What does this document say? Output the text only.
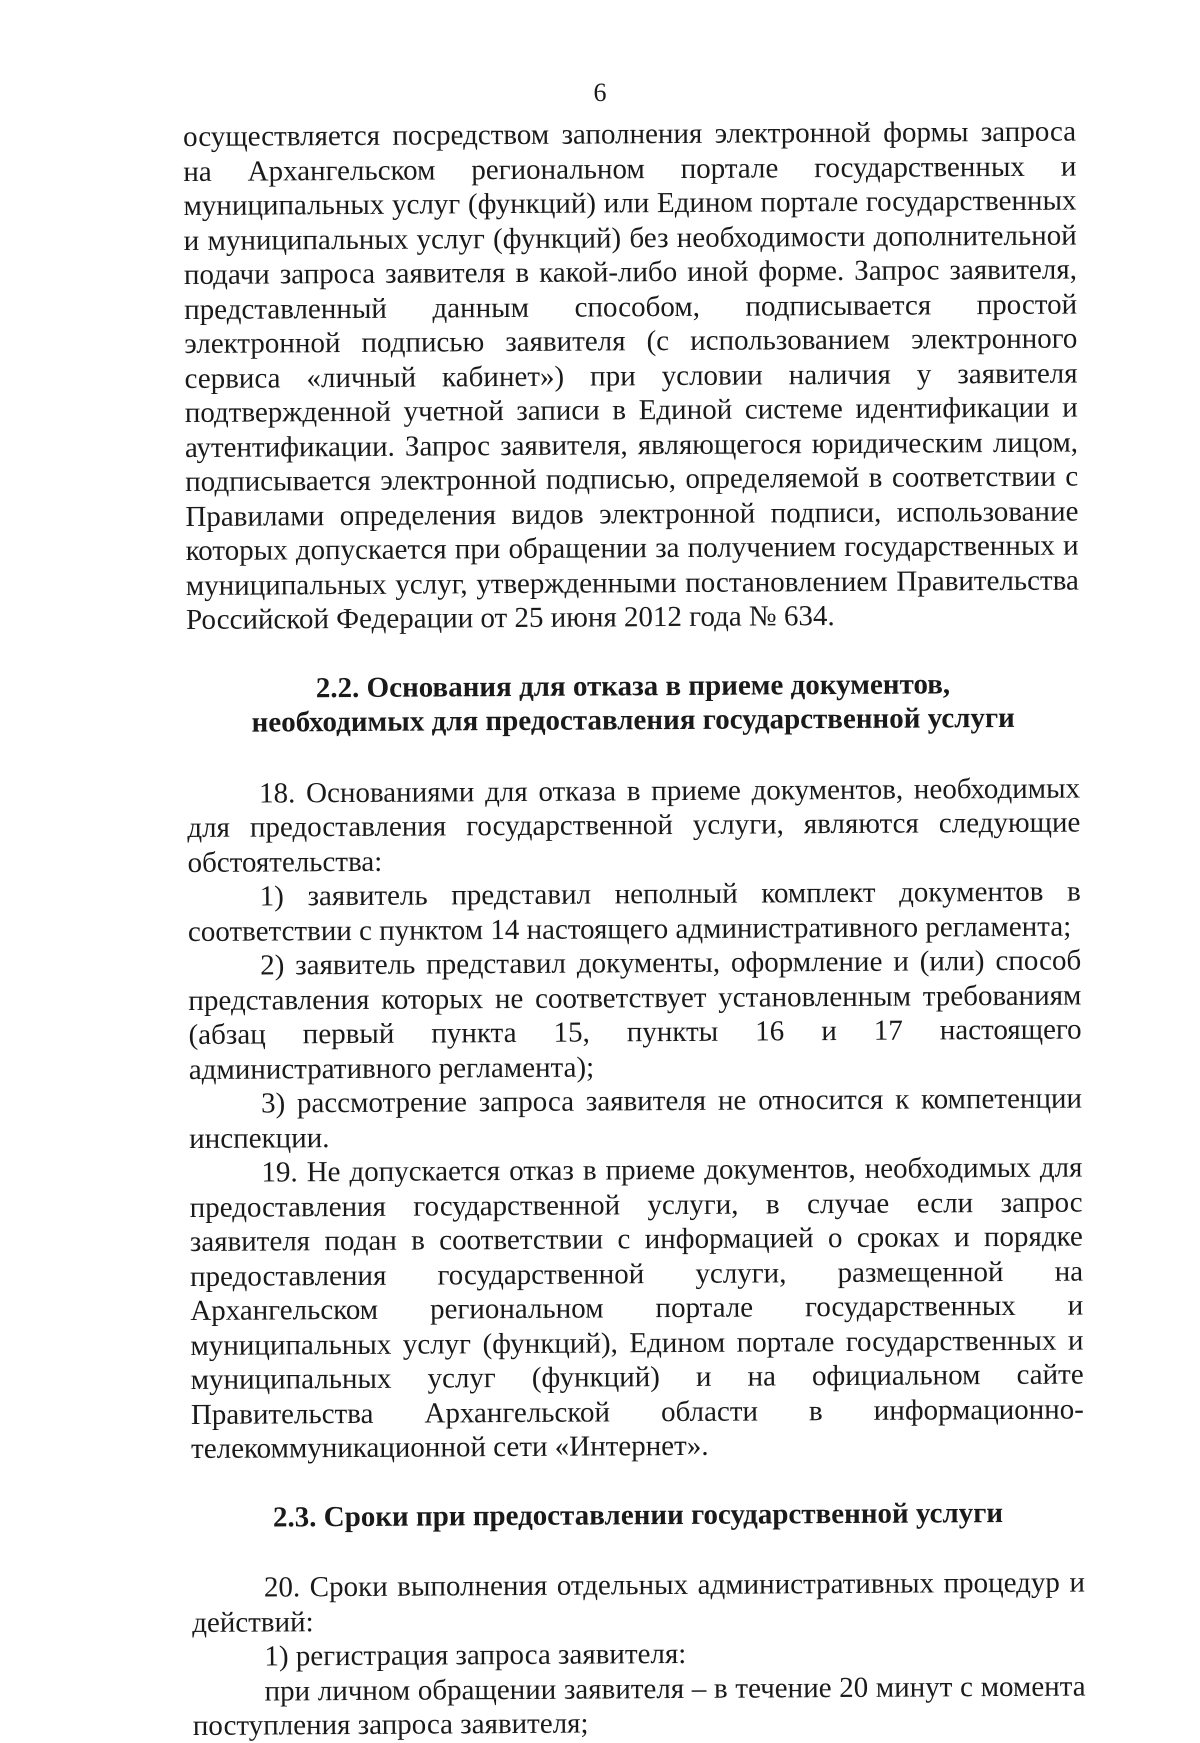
6

осуществляется посредством заполнения электронной формы запроса на Архангельском региональном портале государственных и муниципальных услуг (функций) или Едином портале государственных и муниципальных услуг (функций) без необходимости дополнительной подачи запроса заявителя в какой-либо иной форме. Запрос заявителя, представленный данным способом, подписывается простой электронной подписью заявителя (с использованием электронного сервиса «личный кабинет») при условии наличия у заявителя подтвержденной учетной записи в Единой системе идентификации и аутентификации. Запрос заявителя, являющегося юридическим лицом, подписывается электронной подписью, определяемой в соответствии с Правилами определения видов электронной подписи, использование которых допускается при обращении за получением государственных и муниципальных услуг, утвержденными постановлением Правительства Российской Федерации от 25 июня 2012 года № 634.

2.2. Основания для отказа в приеме документов,
необходимых для предоставления государственной услуги

18. Основаниями для отказа в приеме документов, необходимых для предоставления государственной услуги, являются следующие обстоятельства:

1) заявитель представил неполный комплект документов в соответствии с пунктом 14 настоящего административного регламента;

2) заявитель представил документы, оформление и (или) способ представления которых не соответствует установленным требованиям (абзац первый пункта 15, пункты 16 и 17 настоящего административного регламента);

3) рассмотрение запроса заявителя не относится к компетенции инспекции.

19. Не допускается отказ в приеме документов, необходимых для предоставления государственной услуги, в случае если запрос заявителя подан в соответствии с информацией о сроках и порядке предоставления государственной услуги, размещенной на Архангельском региональном портале государственных и муниципальных услуг (функций), Едином портале государственных и муниципальных услуг (функций) и на официальном сайте Правительства Архангельской области в информационно-телекоммуникационной сети «Интернет».

2.3. Сроки при предоставлении государственной услуги

20. Сроки выполнения отдельных административных процедур и действий:

1) регистрация запроса заявителя:

при личном обращении заявителя – в течение 20 минут с момента поступления запроса заявителя;
